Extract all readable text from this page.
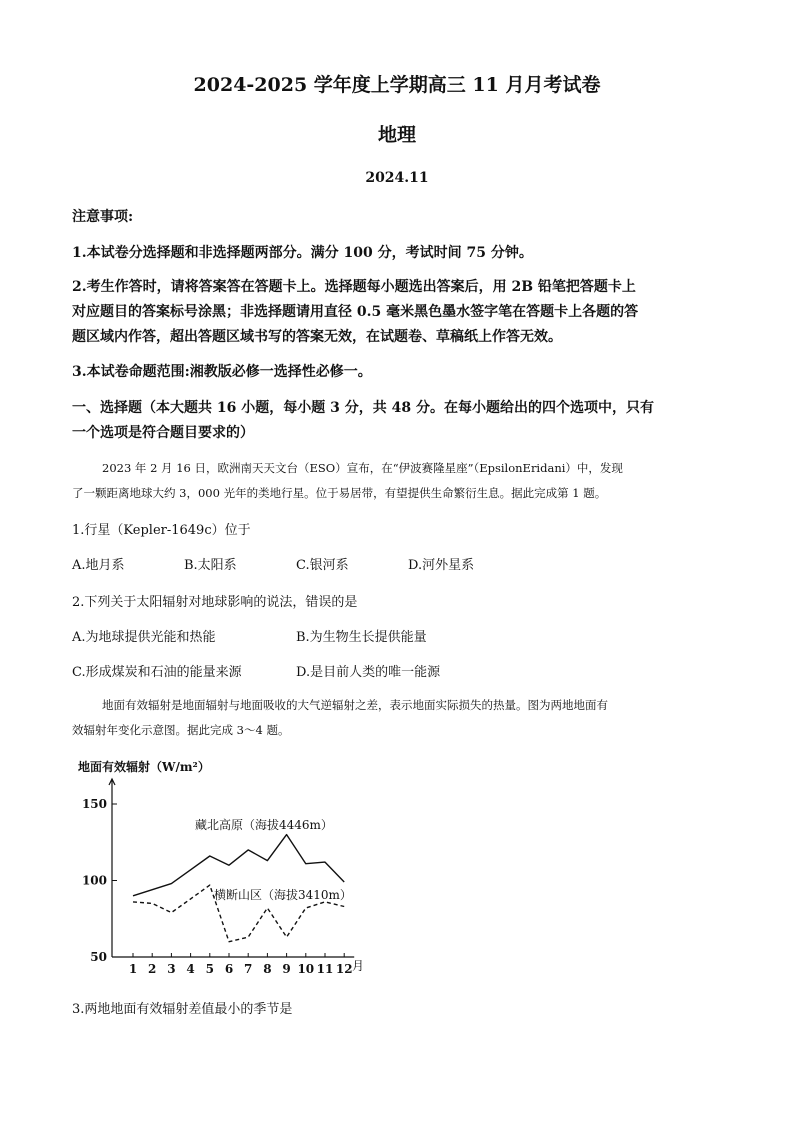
2024-2025 学年度上学期高三 11 月月考试卷
地理
2024.11
注意事项:
1.本试卷分选择题和非选择题两部分。满分 100 分，考试时间 75 分钟。
2.考生作答时，请将答案答在答题卡上。选择题每小题选出答案后，用 2B 铅笔把答题卡上
对应题目的答案标号涂黑；非选择题请用直径 0.5 毫米黑色墨水签字笔在答题卡上各题的答
题区域内作答，超出答题区域书写的答案无效，在试题卷、草稿纸上作答无效。
3.本试卷命题范围:湘教版必修一选择性必修一。
一、选择题（本大题共 16 小题，每小题 3 分，共 48 分。在每小题给出的四个选项中，只有
一个选项是符合题目要求的）
2023 年 2 月 16 日，欧洲南天天文台（ESO）宣布，在“伊波赛隆星座”（EpsilonEridani）中，发现
了一颗距离地球大约 3，000 光年的类地行星。位于易居带，有望提供生命繁衍生息。据此完成第 1 题。
1.行星（Kepler-1649c）位于
A.地月系	B.太阳系	C.银河系	D.河外星系
2.下列关于太阳辐射对地球影响的说法，错误的是
A.为地球提供光能和热能	B.为生物生长提供能量
C.形成煤炭和石油的能量来源	D.是目前人类的唯一能源
地面有效辐射是地面辐射与地面吸收的大气逆辐射之差，表示地面实际损失的热量。图为两地地面有
效辐射年变化示意图。据此完成 3～4 题。
地面有效辐射（W/m²）
50
100
150
1 2 3 4 5 6 7 8 9 10 11 12
藏北高原（海拔4446m）
横断山区（海拔3410m）
月
3.两地地面有效辐射差值最小的季节是
